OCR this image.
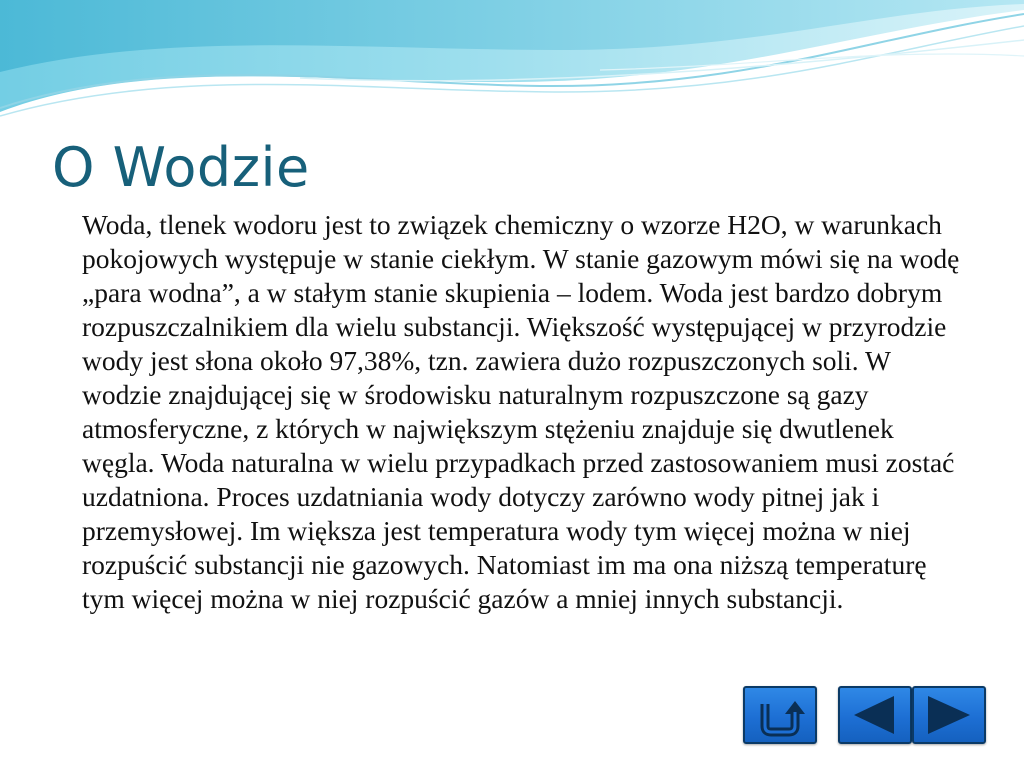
O Wodzie

Woda, tlenek wodoru jest to związek chemiczny o wzorze H2O, w warunkach pokojowych występuje w stanie ciekłym. W stanie gazowym mówi się na wodę „para wodna”, a w stałym stanie skupienia – lodem. Woda jest bardzo dobrym rozpuszczalnikiem dla wielu substancji. Większość występującej w przyrodzie wody jest słona około 97,38%, tzn. zawiera dużo rozpuszczonych soli. W wodzie znajdującej się w środowisku naturalnym rozpuszczone są gazy atmosferyczne, z których w największym stężeniu znajduje się dwutlenek węgla. Woda naturalna w wielu przypadkach przed zastosowaniem musi zostać uzdatniona. Proces uzdatniania wody dotyczy zarówno wody pitnej jak i przemysłowej. Im większa jest temperatura wody tym więcej można w niej rozpuścić substancji nie gazowych. Natomiast im ma ona niższą temperaturę tym więcej można w niej rozpuścić gazów a mniej innych substancji.
